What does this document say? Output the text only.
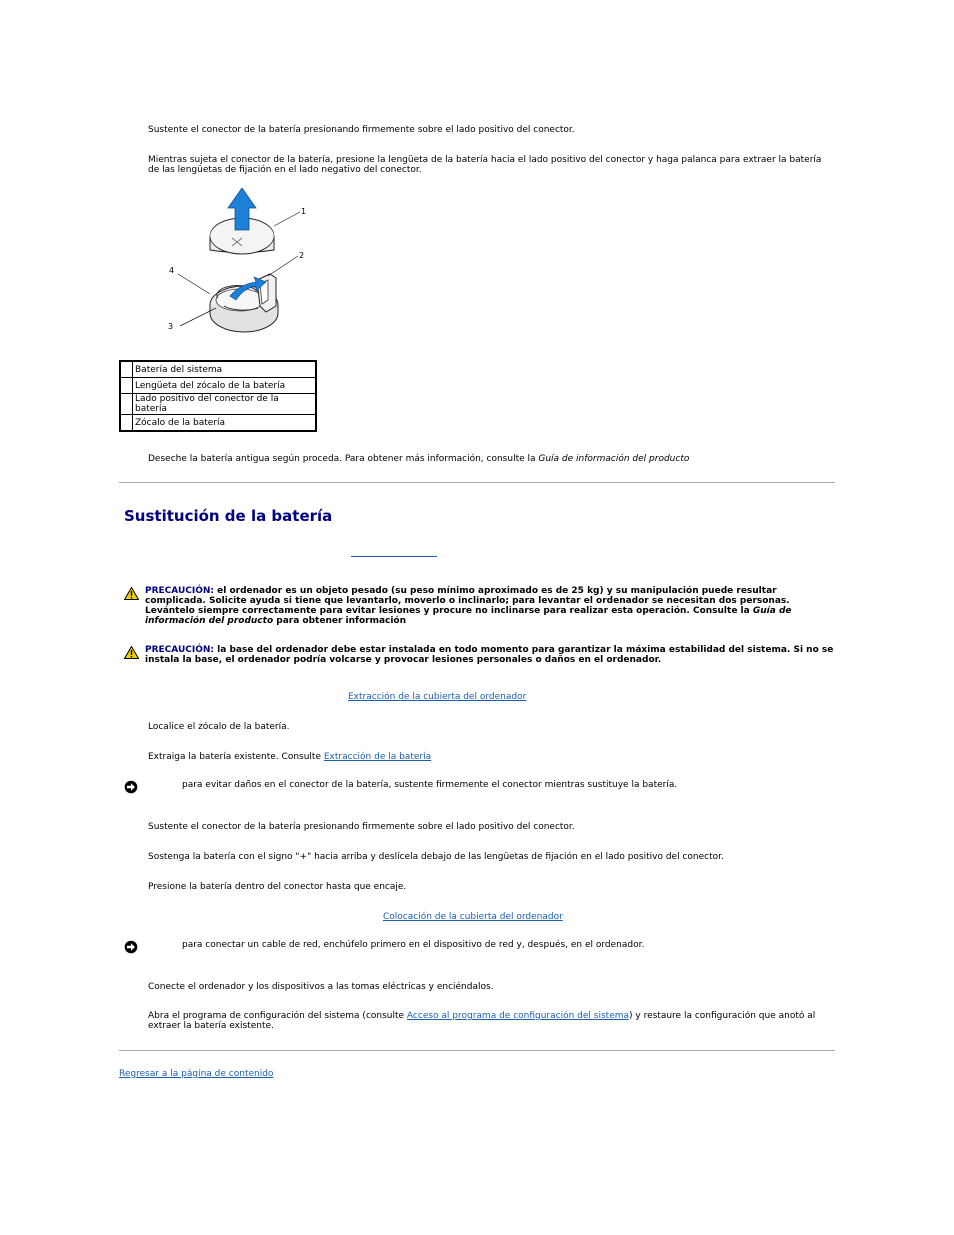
Sustente el conector de la batería presionando firmemente sobre el lado positivo del conector.
Mientras sujeta el conector de la batería, presione la lengüeta de la batería hacia el lado positivo del conector y haga palanca para extraer la batería de las lengüetas de fijación en el lado negativo del conector.
1
2
3
4
	Batería del sistema
	Lengüeta del zócalo de la batería
	Lado positivo del conector de la batería
	Zócalo de la batería
Deseche la batería antigua según proceda. Para obtener más información, consulte la Guía de información del producto
Sustitución de la batería
PRECAUCIÓN: el ordenador es un objeto pesado (su peso mínimo aproximado es de 25 kg) y su manipulación puede resultar complicada. Solicite ayuda si tiene que levantarlo, moverlo o inclinarlo; para levantar el ordenador se necesitan dos personas. Levántelo siempre correctamente para evitar lesiones y procure no inclinarse para realizar esta operación. Consulte la Guía de información del producto para obtener información
PRECAUCIÓN: la base del ordenador debe estar instalada en todo momento para garantizar la máxima estabilidad del sistema. Si no se instala la base, el ordenador podría volcarse y provocar lesiones personales o daños en el ordenador.
Extracción de la cubierta del ordenador
Localice el zócalo de la batería.
Extraiga la batería existente. Consulte Extracción de la batería
para evitar daños en el conector de la batería, sustente firmemente el conector mientras sustituye la batería.
Sustente el conector de la batería presionando firmemente sobre el lado positivo del conector.
Sostenga la batería con el signo "+" hacia arriba y deslícela debajo de las lengüetas de fijación en el lado positivo del conector.
Presione la batería dentro del conector hasta que encaje.
Colocación de la cubierta del ordenador
para conectar un cable de red, enchúfelo primero en el dispositivo de red y, después, en el ordenador.
Conecte el ordenador y los dispositivos a las tomas eléctricas y enciéndalos.
Abra el programa de configuración del sistema (consulte Acceso al programa de configuración del sistema) y restaure la configuración que anotó al extraer la batería existente.
Regresar a la página de contenido
